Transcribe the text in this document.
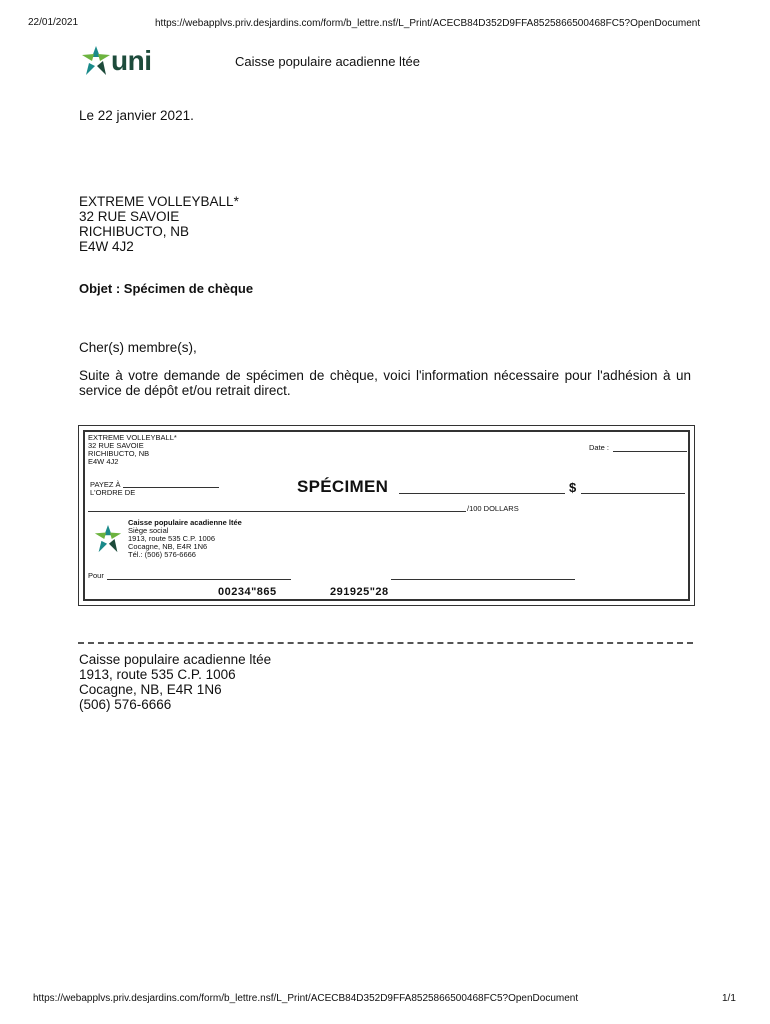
22/01/2021	https://webapplvs.priv.desjardins.com/form/b_lettre.nsf/L_Print/ACECB84D352D9FFA8525866500468FC5?OpenDocument
uni	Caisse populaire acadienne ltée
Le 22 janvier 2021.
EXTREME VOLLEYBALL*
32 RUE SAVOIE
RICHIBUCTO, NB
E4W 4J2
Objet : Spécimen de chèque
Cher(s) membre(s),
Suite à votre demande de spécimen de chèque, voici l'information nécessaire pour l'adhésion à un service de dépôt et/ou retrait direct.
EXTREME VOLLEYBALL*
32 RUE SAVOIE
RICHIBUCTO, NB
E4W 4J2
Date :
PAYEZ À
L'ORDRE DE	SPÉCIMEN	$
/100 DOLLARS
Caisse populaire acadienne ltée
Siège social
1913, route 535 C.P. 1006
Cocagne, NB, E4R 1N6
Tél.: (506) 576-6666
Pour
00234"865	291925"28
Caisse populaire acadienne ltée
1913, route 535 C.P. 1006
Cocagne, NB, E4R 1N6
(506) 576-6666
https://webapplvs.priv.desjardins.com/form/b_lettre.nsf/L_Print/ACECB84D352D9FFA8525866500468FC5?OpenDocument	1/1
